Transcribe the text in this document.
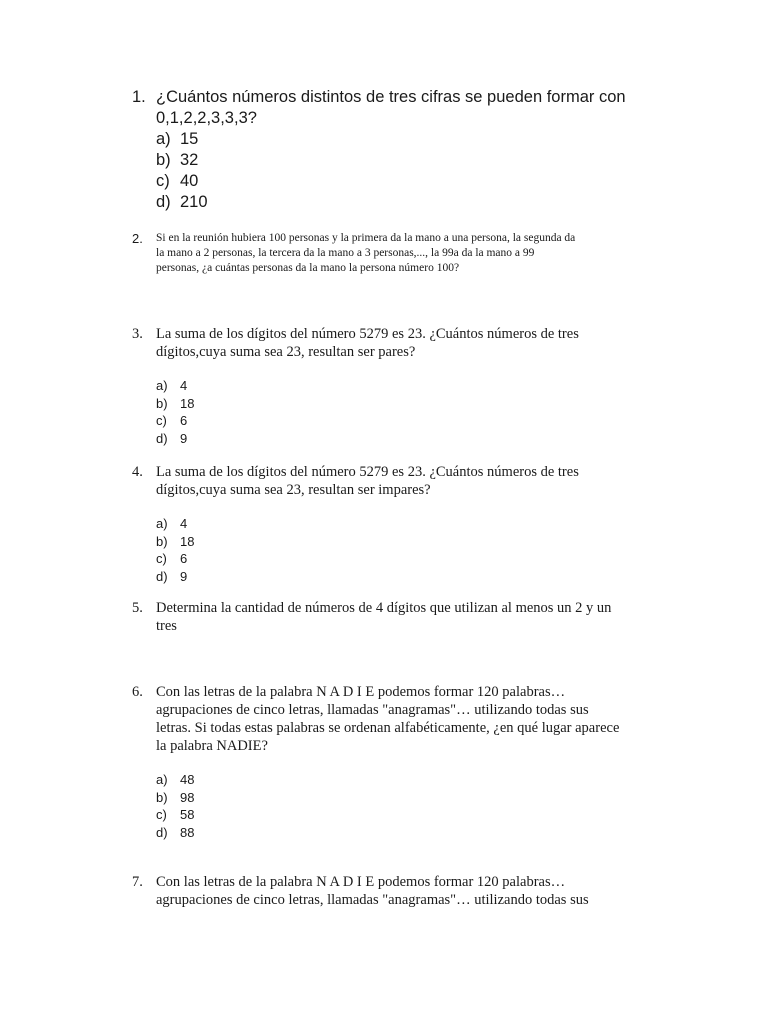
1. ¿Cuántos números distintos de tres cifras se pueden formar con
0,1,2,2,3,3,3?
a) 15
b) 32
c) 40
d) 210
2. Si en la reunión hubiera 100 personas y la primera da la mano a una persona, la segunda da
la mano a 2 personas, la tercera da la mano a 3 personas,..., la 99a da la mano a 99
personas, ¿a cuántas personas da la mano la persona número 100?
3. La suma de los dígitos del número 5279 es 23. ¿Cuántos números de tres
dígitos,cuya suma sea 23, resultan ser pares?
a) 4
b) 18
c)	6
d) 9
4. La suma de los dígitos del número 5279 es 23. ¿Cuántos números de tres
dígitos,cuya suma sea 23, resultan ser impares?
a) 4
b) 18
c)	6
d) 9
5. Determina la cantidad de números de 4 dígitos que utilizan al menos un 2 y un
tres
6. Con las letras de la palabra N A D I E podemos formar 120 palabras…
agrupaciones de cinco letras, llamadas "anagramas"… utilizando todas sus
letras. Si todas estas palabras se ordenan alfabéticamente, ¿en qué lugar aparece
la palabra NADIE?
a) 48
b) 98
c)	58
d) 88
7. Con las letras de la palabra N A D I E podemos formar 120 palabras…
agrupaciones de cinco letras, llamadas "anagramas"… utilizando todas sus
